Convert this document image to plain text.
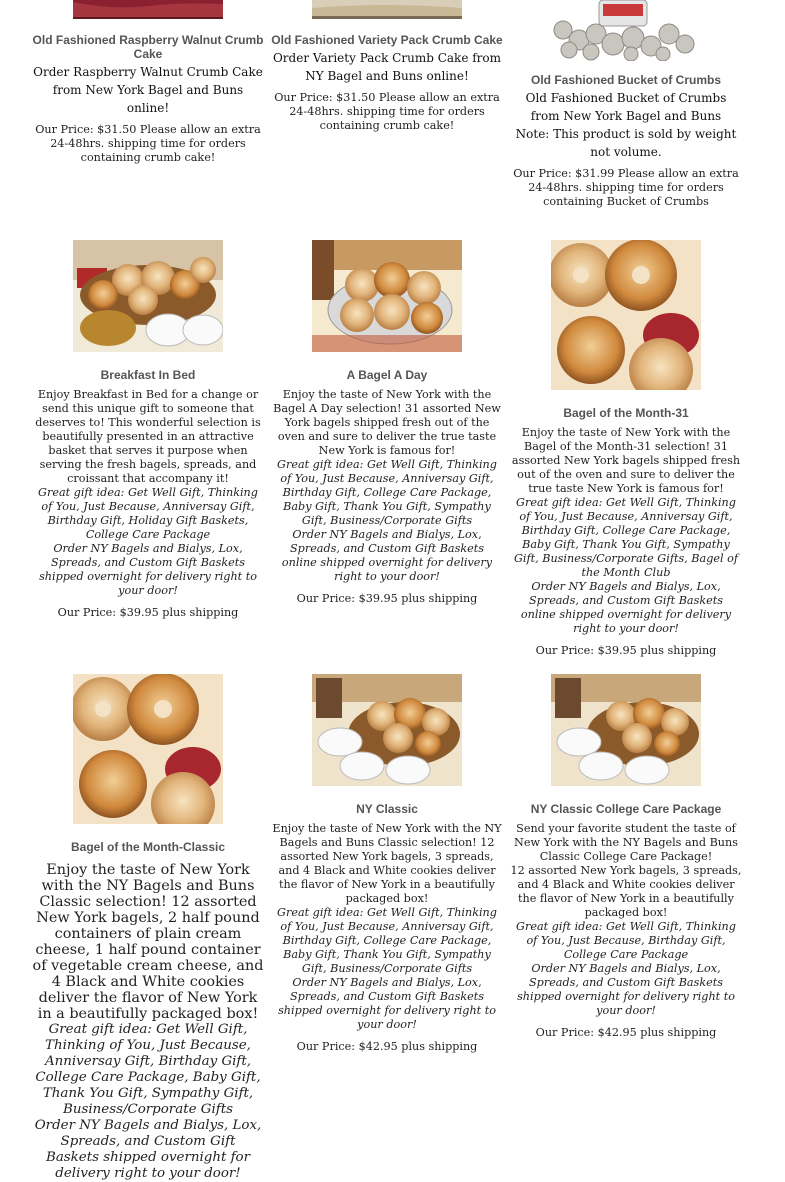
Old Fashioned Raspberry Walnut Crumb Cake
Order Raspberry Walnut Crumb Cake from New York Bagel and Buns online!
Our Price: $31.50 Please allow an extra 24-48hrs. shipping time for orders containing crumb cake!
Old Fashioned Variety Pack Crumb Cake
Order Variety Pack Crumb Cake from NY Bagel and Buns online!
Our Price: $31.50 Please allow an extra 24-48hrs. shipping time for orders containing crumb cake!
Old Fashioned Bucket of Crumbs
Old Fashioned Bucket of Crumbs from New York Bagel and Buns
Note: This product is sold by weight not volume.
Our Price: $31.99 Please allow an extra 24-48hrs. shipping time for orders containing Bucket of Crumbs
Breakfast In Bed
Enjoy Breakfast in Bed for a change or send this unique gift to someone that deserves to! This wonderful selection is beautifully presented in an attractive basket that serves it purpose when serving the fresh bagels, spreads, and croissant that accompany it!
Great gift idea: Get Well Gift, Thinking of You, Just Because, Anniversay Gift, Birthday Gift, Holiday Gift Baskets, College Care Package
Order NY Bagels and Bialys, Lox, Spreads, and Custom Gift Baskets shipped overnight for delivery right to your door!
Our Price: $39.95 plus shipping
A Bagel A Day
Enjoy the taste of New York with the Bagel A Day selection! 31 assorted New York bagels shipped fresh out of the oven and sure to deliver the true taste New York is famous for!
Great gift idea: Get Well Gift, Thinking of You, Just Because, Anniversay Gift, Birthday Gift, College Care Package, Baby Gift, Thank You Gift, Sympathy Gift, Business/Corporate Gifts
Order NY Bagels and Bialys, Lox, Spreads, and Custom Gift Baskets online shipped overnight for delivery right to your door!
Our Price: $39.95 plus shipping
Bagel of the Month-31
Enjoy the taste of New York with the Bagel of the Month-31 selection! 31 assorted New York bagels shipped fresh out of the oven and sure to deliver the true taste New York is famous for!
Great gift idea: Get Well Gift, Thinking of You, Just Because, Anniversay Gift, Birthday Gift, College Care Package, Baby Gift, Thank You Gift, Sympathy Gift, Business/Corporate Gifts, Bagel of the Month Club
Order NY Bagels and Bialys, Lox, Spreads, and Custom Gift Baskets online shipped overnight for delivery right to your door!
Our Price: $39.95 plus shipping
Bagel of the Month-Classic
Enjoy the taste of New York with the NY Bagels and Buns Classic selection! 12 assorted New York bagels, 2 half pound containers of plain cream cheese, 1 half pound container of vegetable cream cheese, and 4 Black and White cookies deliver the flavor of New York in a beautifully packaged box!
Great gift idea: Get Well Gift, Thinking of You, Just Because, Anniversay Gift, Birthday Gift, College Care Package, Baby Gift, Thank You Gift, Sympathy Gift, Business/Corporate Gifts
Order NY Bagels and Bialys, Lox, Spreads, and Custom Gift Baskets shipped overnight for delivery right to your door!
NY Classic
Enjoy the taste of New York with the NY Bagels and Buns Classic selection! 12 assorted New York bagels, 3 spreads, and 4 Black and White cookies deliver the flavor of New York in a beautifully packaged box!
Great gift idea: Get Well Gift, Thinking of You, Just Because, Anniversay Gift, Birthday Gift, College Care Package, Baby Gift, Thank You Gift, Sympathy Gift, Business/Corporate Gifts
Order NY Bagels and Bialys, Lox, Spreads, and Custom Gift Baskets shipped overnight for delivery right to your door!
Our Price: $42.95 plus shipping
NY Classic College Care Package
Send your favorite student the taste of New York with the NY Bagels and Buns Classic College Care Package!
12 assorted New York bagels, 3 spreads, and 4 Black and White cookies deliver the flavor of New York in a beautifully packaged box!
Great gift idea: Get Well Gift, Thinking of You, Just Because, Birthday Gift, College Care Package
Order NY Bagels and Bialys, Lox, Spreads, and Custom Gift Baskets shipped overnight for delivery right to your door!
Our Price: $42.95 plus shipping
